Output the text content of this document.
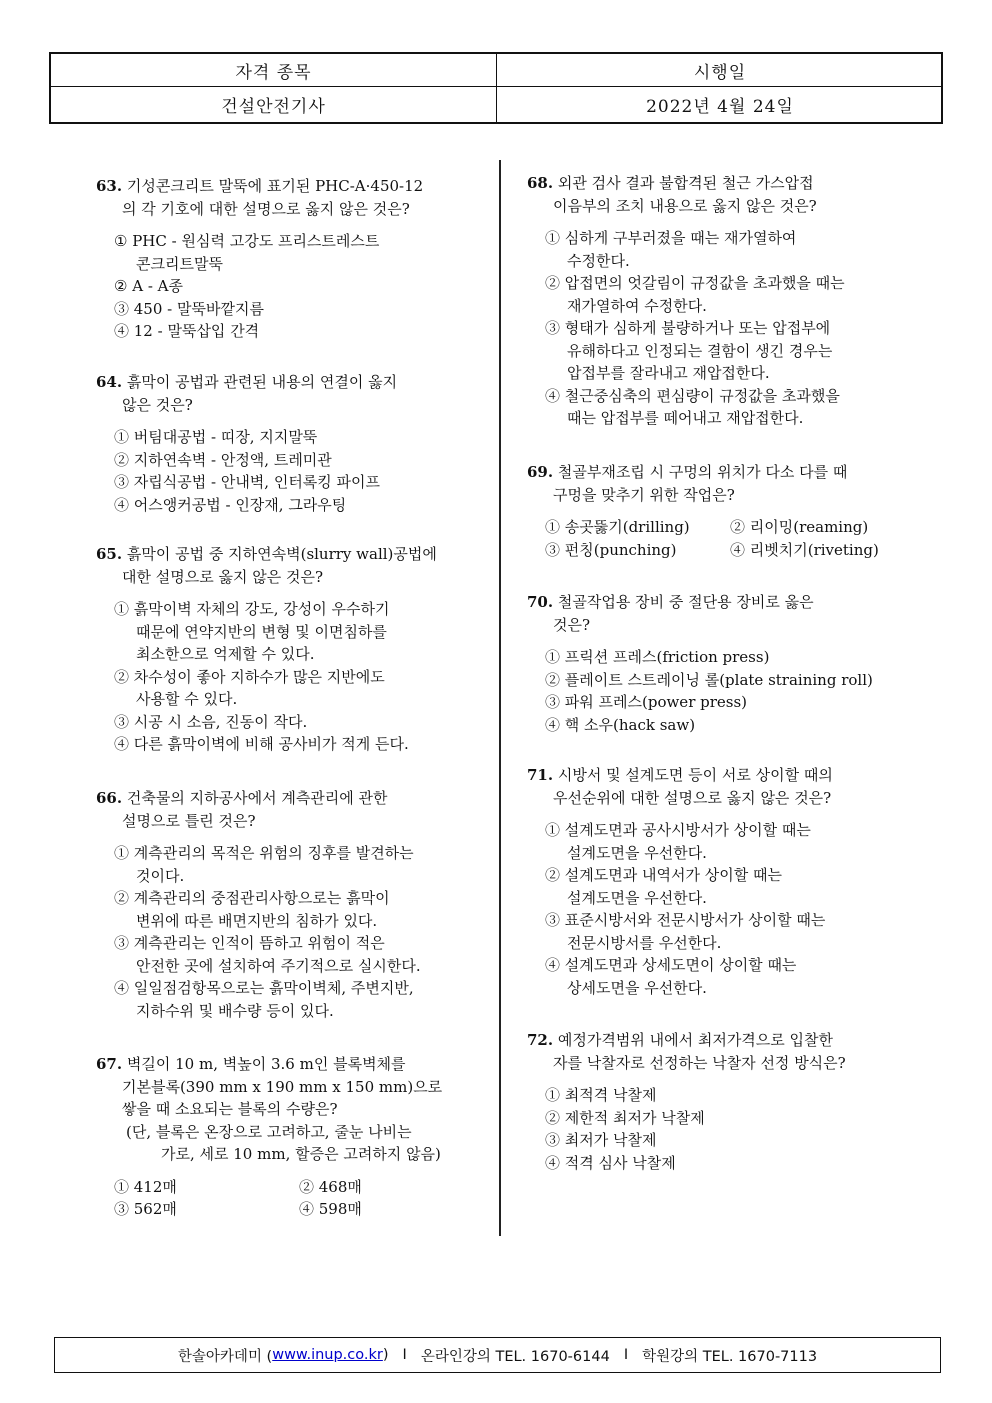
자격 종목	시행일
건설안전기사	2022년 4월 24일
63. 기성콘크리트 말뚝에 표기된 PHC-A·450-12
의 각 기호에 대한 설명으로 옳지 않은 것은?
① PHC - 원심력 고강도 프리스트레스트
콘크리트말뚝
② A - A종
③ 450 - 말뚝바깥지름
④ 12 - 말뚝삽입 간격
64. 흙막이 공법과 관련된 내용의 연결이 옳지
않은 것은?
① 버팀대공법 - 띠장, 지지말뚝
② 지하연속벽 - 안정액, 트레미관
③ 자립식공법 - 안내벽, 인터록킹 파이프
④ 어스앵커공법 - 인장재, 그라우팅
65. 흙막이 공법 중 지하연속벽(slurry wall)공법에
대한 설명으로 옳지 않은 것은?
① 흙막이벽 자체의 강도, 강성이 우수하기
때문에 연약지반의 변형 및 이면침하를
최소한으로 억제할 수 있다.
② 차수성이 좋아 지하수가 많은 지반에도
사용할 수 있다.
③ 시공 시 소음, 진동이 작다.
④ 다른 흙막이벽에 비해 공사비가 적게 든다.
66. 건축물의 지하공사에서 계측관리에 관한
설명으로 틀린 것은?
① 계측관리의 목적은 위험의 징후를 발견하는
것이다.
② 계측관리의 중점관리사항으로는 흙막이
변위에 따른 배면지반의 침하가 있다.
③ 계측관리는 인적이 뜸하고 위험이 적은
안전한 곳에 설치하여 주기적으로 실시한다.
④ 일일점검항목으로는 흙막이벽체, 주변지반,
지하수위 및 배수량 등이 있다.
67. 벽길이 10 m, 벽높이 3.6 m인 블록벽체를
기본블록(390 mm x 190 mm x 150 mm)으로
쌓을 때 소요되는 블록의 수량은?
(단, 블록은 온장으로 고려하고, 줄눈 나비는
가로, 세로 10 mm, 할증은 고려하지 않음)
① 412매	② 468매
③ 562매	④ 598매
68. 외관 검사 결과 불합격된 철근 가스압접
이음부의 조치 내용으로 옳지 않은 것은?
① 심하게 구부러졌을 때는 재가열하여
수정한다.
② 압접면의 엇갈림이 규정값을 초과했을 때는
재가열하여 수정한다.
③ 형태가 심하게 불량하거나 또는 압접부에
유해하다고 인정되는 결함이 생긴 경우는
압접부를 잘라내고 재압접한다.
④ 철근중심축의 편심량이 규정값을 초과했을
때는 압접부를 떼어내고 재압접한다.
69. 철골부재조립 시 구멍의 위치가 다소 다를 때
구멍을 맞추기 위한 작업은?
① 송곳뚫기(drilling)	② 리이밍(reaming)
③ 펀칭(punching)	④ 리벳치기(riveting)
70. 철골작업용 장비 중 절단용 장비로 옳은
것은?
① 프릭션 프레스(friction press)
② 플레이트 스트레이닝 롤(plate straining roll)
③ 파워 프레스(power press)
④ 핵 소우(hack saw)
71. 시방서 및 설계도면 등이 서로 상이할 때의
우선순위에 대한 설명으로 옳지 않은 것은?
① 설계도면과 공사시방서가 상이할 때는
설계도면을 우선한다.
② 설계도면과 내역서가 상이할 때는
설계도면을 우선한다.
③ 표준시방서와 전문시방서가 상이할 때는
전문시방서를 우선한다.
④ 설계도면과 상세도면이 상이할 때는
상세도면을 우선한다.
72. 예정가격범위 내에서 최저가격으로 입찰한
자를 낙찰자로 선정하는 낙찰자 선정 방식은?
① 최적격 낙찰제
② 제한적 최저가 낙찰제
③ 최저가 낙찰제
④ 적격 심사 낙찰제
한솔아카데미 ( www.inup.co.kr ) I 온라인강의 TEL. 1670-6144 I 학원강의 TEL. 1670-7113
